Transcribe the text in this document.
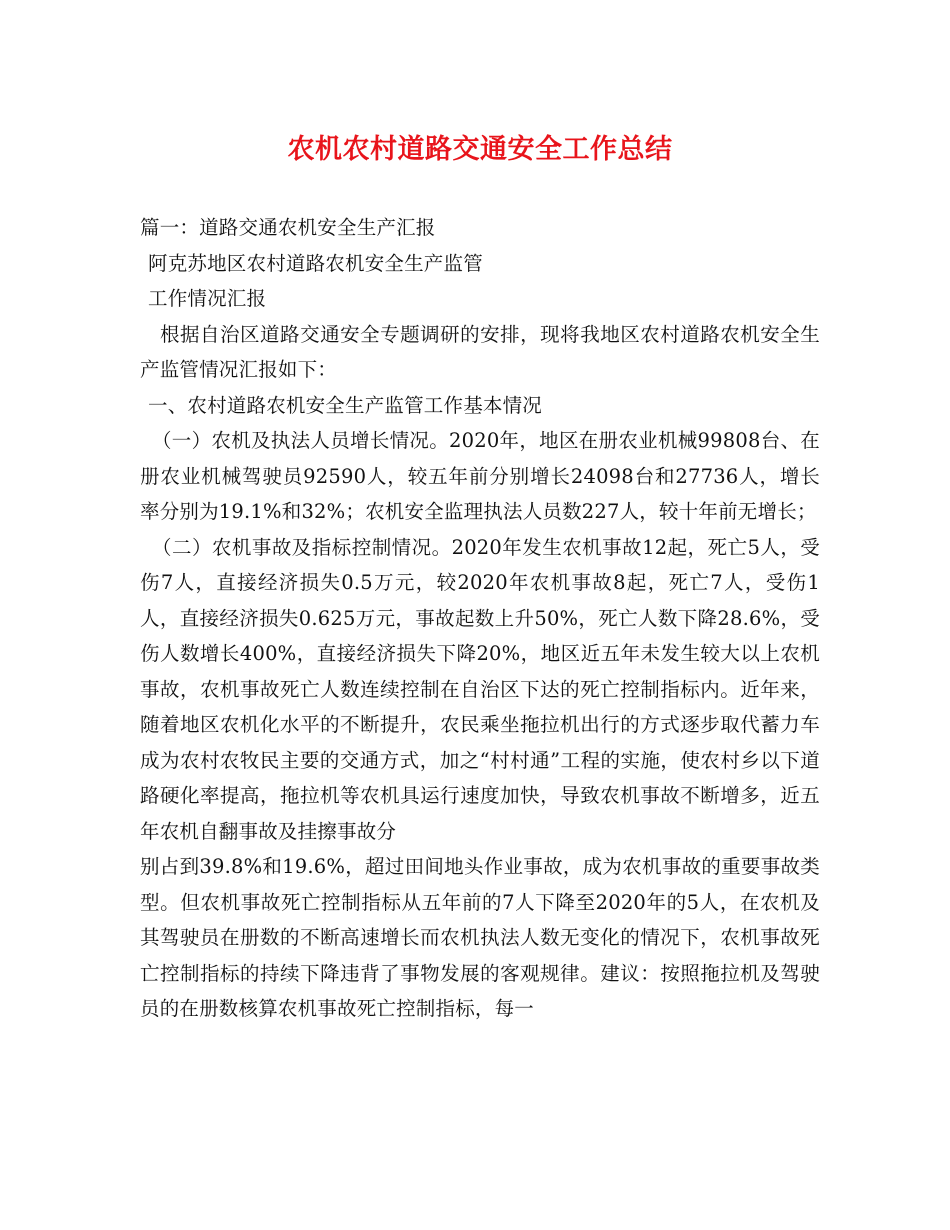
农机农村道路交通安全工作总结

篇一：道路交通农机安全生产汇报

阿克苏地区农村道路农机安全生产监管

工作情况汇报

根据自治区道路交通安全专题调研的安排，现将我地区农村道路农机安全生产监管情况汇报如下：

一、农村道路农机安全生产监管工作基本情况

（一）农机及执法人员增长情况。2020年，地区在册农业机械99808台、在册农业机械驾驶员92590人，较五年前分别增长24098台和27736人，增长率分别为19.1%和32%；农机安全监理执法人员数227人，较十年前无增长；

（二）农机事故及指标控制情况。2020年发生农机事故12起，死亡5人，受伤7人，直接经济损失0.5万元，较2020年农机事故8起，死亡7人，受伤1人，直接经济损失0.625万元，事故起数上升50%，死亡人数下降28.6%，受伤人数增长400%，直接经济损失下降20%，地区近五年未发生较大以上农机事故，农机事故死亡人数连续控制在自治区下达的死亡控制指标内。近年来，随着地区农机化水平的不断提升，农民乘坐拖拉机出行的方式逐步取代蓄力车成为农村农牧民主要的交通方式，加之“村村通”工程的实施，使农村乡以下道路硬化率提高，拖拉机等农机具运行速度加快，导致农机事故不断增多，近五年农机自翻事故及挂擦事故分

别占到39.8%和19.6%，超过田间地头作业事故，成为农机事故的重要事故类型。但农机事故死亡控制指标从五年前的7人下降至2020年的5人，在农机及其驾驶员在册数的不断高速增长而农机执法人数无变化的情况下，农机事故死亡控制指标的持续下降违背了事物发展的客观规律。建议：按照拖拉机及驾驶员的在册数核算农机事故死亡控制指标，每一
